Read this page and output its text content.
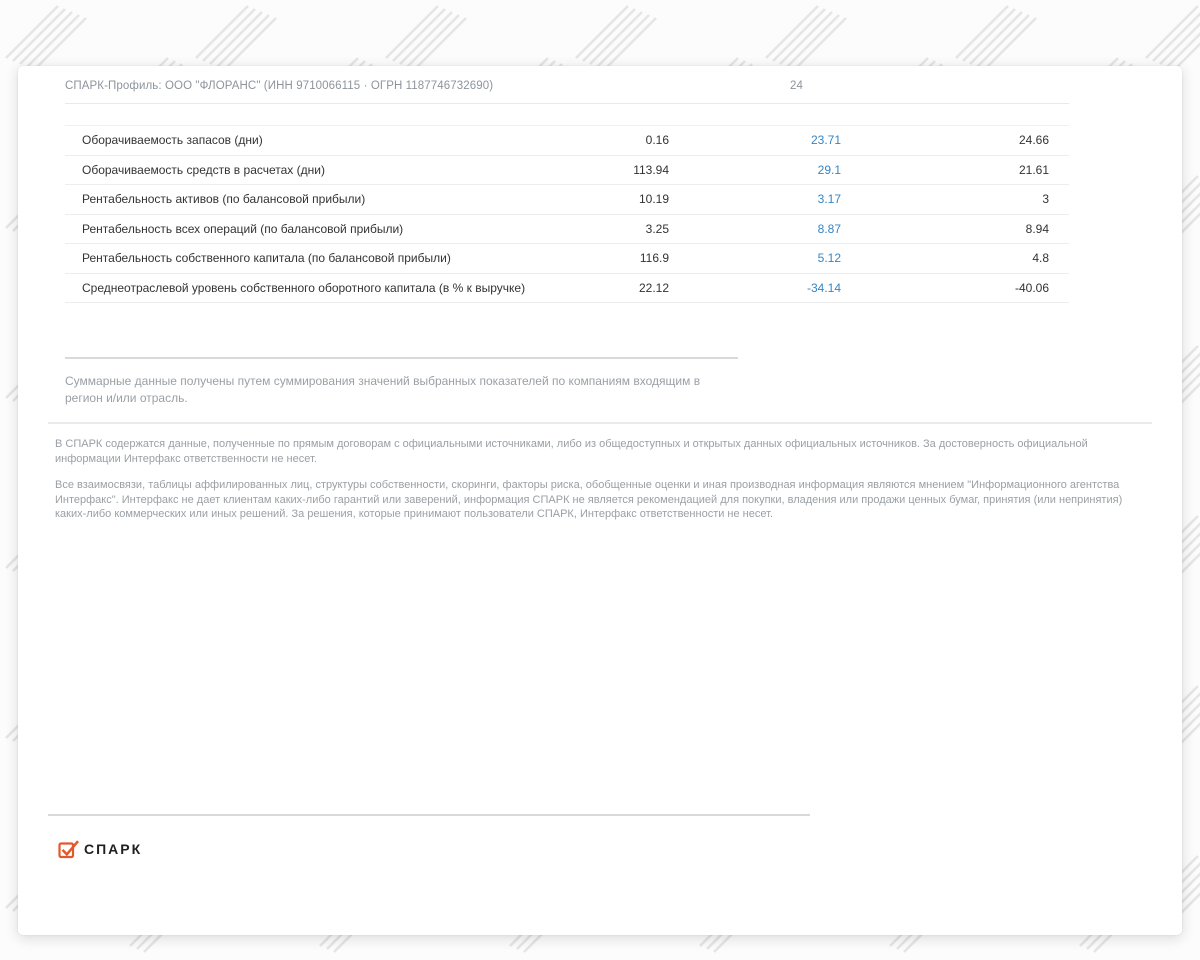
СПАРК-Профиль: ООО "ФЛОРАНС" (ИНН 9710066115 · ОГРН 1187746732690)	24
Оборачиваемость запасов (дни)	0.16	23.71	24.66
Оборачиваемость средств в расчетах (дни)	113.94	29.1	21.61
Рентабельность активов (по балансовой прибыли)	10.19	3.17	3
Рентабельность всех операций (по балансовой прибыли)	3.25	8.87	8.94
Рентабельность собственного капитала (по балансовой прибыли)	116.9	5.12	4.8
Среднеотраслевой уровень собственного оборотного капитала (в % к выручке)	22.12	-34.14	-40.06

Суммарные данные получены путем суммирования значений выбранных показателей по компаниям входящим в регион и/или отрасль.

В СПАРК содержатся данные, полученные по прямым договорам с официальными источниками, либо из общедоступных и открытых данных официальных источников. За достоверность официальной информации Интерфакс ответственности не несет.

Все взаимосвязи, таблицы аффилированных лиц, структуры собственности, скоринги, факторы риска, обобщенные оценки и иная производная информация являются мнением "Информационного агентства Интерфакс". Интерфакс не дает клиентам каких-либо гарантий или заверений, информация СПАРК не является рекомендацией для покупки, владения или продажи ценных бумаг, принятия (или непринятия) каких-либо коммерческих или иных решений. За решения, которые принимают пользователи СПАРК, Интерфакс ответственности не несет.

СПАРК
